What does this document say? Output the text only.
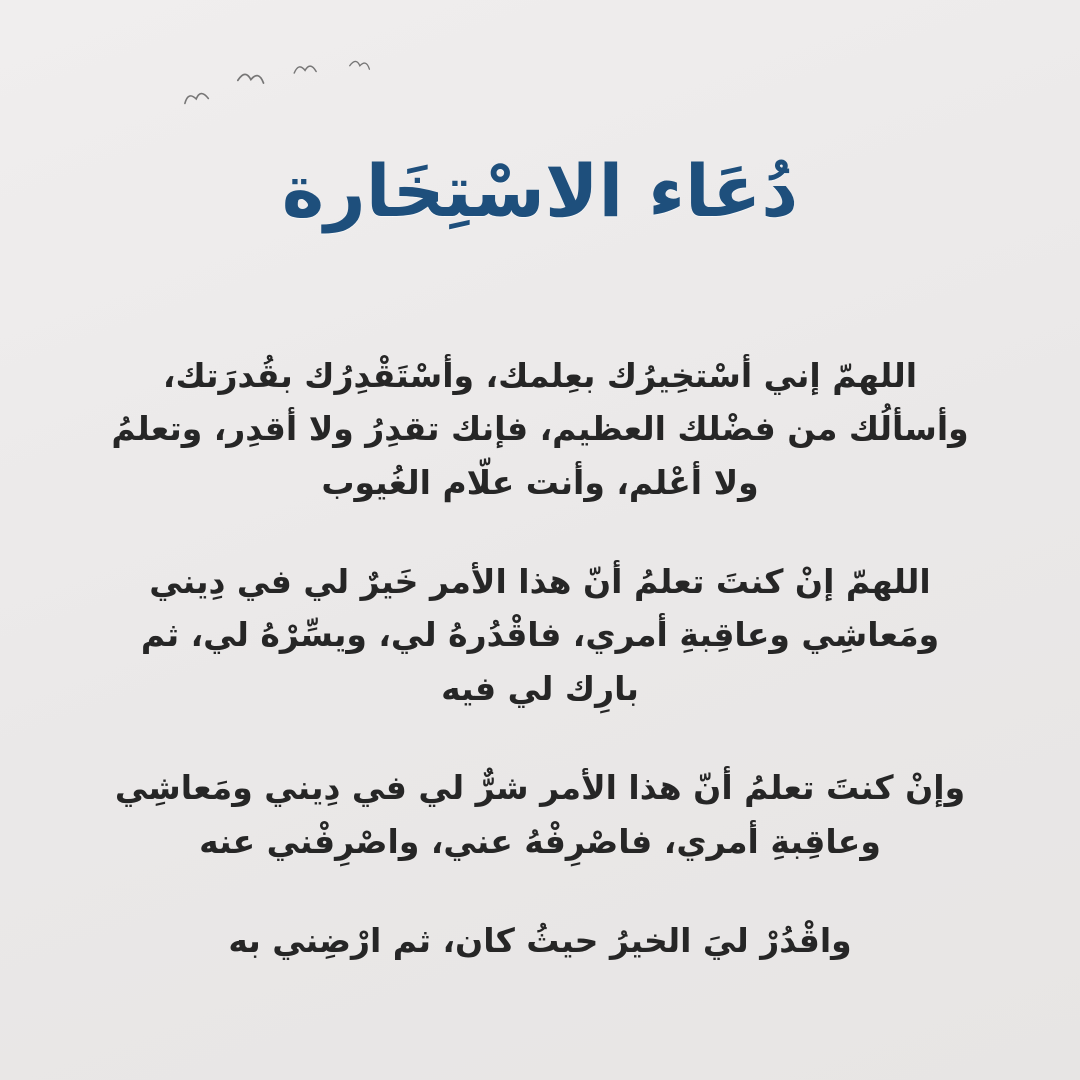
دُعَاء الاسْتِخَارة

اللهمّ إني أسْتخِيرُك بعِلمك، وأسْتَقْدِرُك بقُدرَتك، وأسألُك من فضْلك العظيم، فإنك تقدِرُ ولا أقدِر، وتعلمُ ولا أعْلم، وأنت علّام الغُيوب

اللهمّ إنْ كنتَ تعلمُ أنّ هذا الأمر خَيرٌ لي في دِيني ومَعاشِي وعاقِبةِ أمري، فاقْدُرهُ لي، ويسِّرْهُ لي، ثم بارِك لي فيه

وإنْ كنتَ تعلمُ أنّ هذا الأمر شرٌّ لي في دِيني ومَعاشِي وعاقِبةِ أمري، فاصْرِفْهُ عني، واصْرِفْني عنه

واقْدُرْ ليَ الخيرُ حيثُ كان، ثم ارْضِني به
